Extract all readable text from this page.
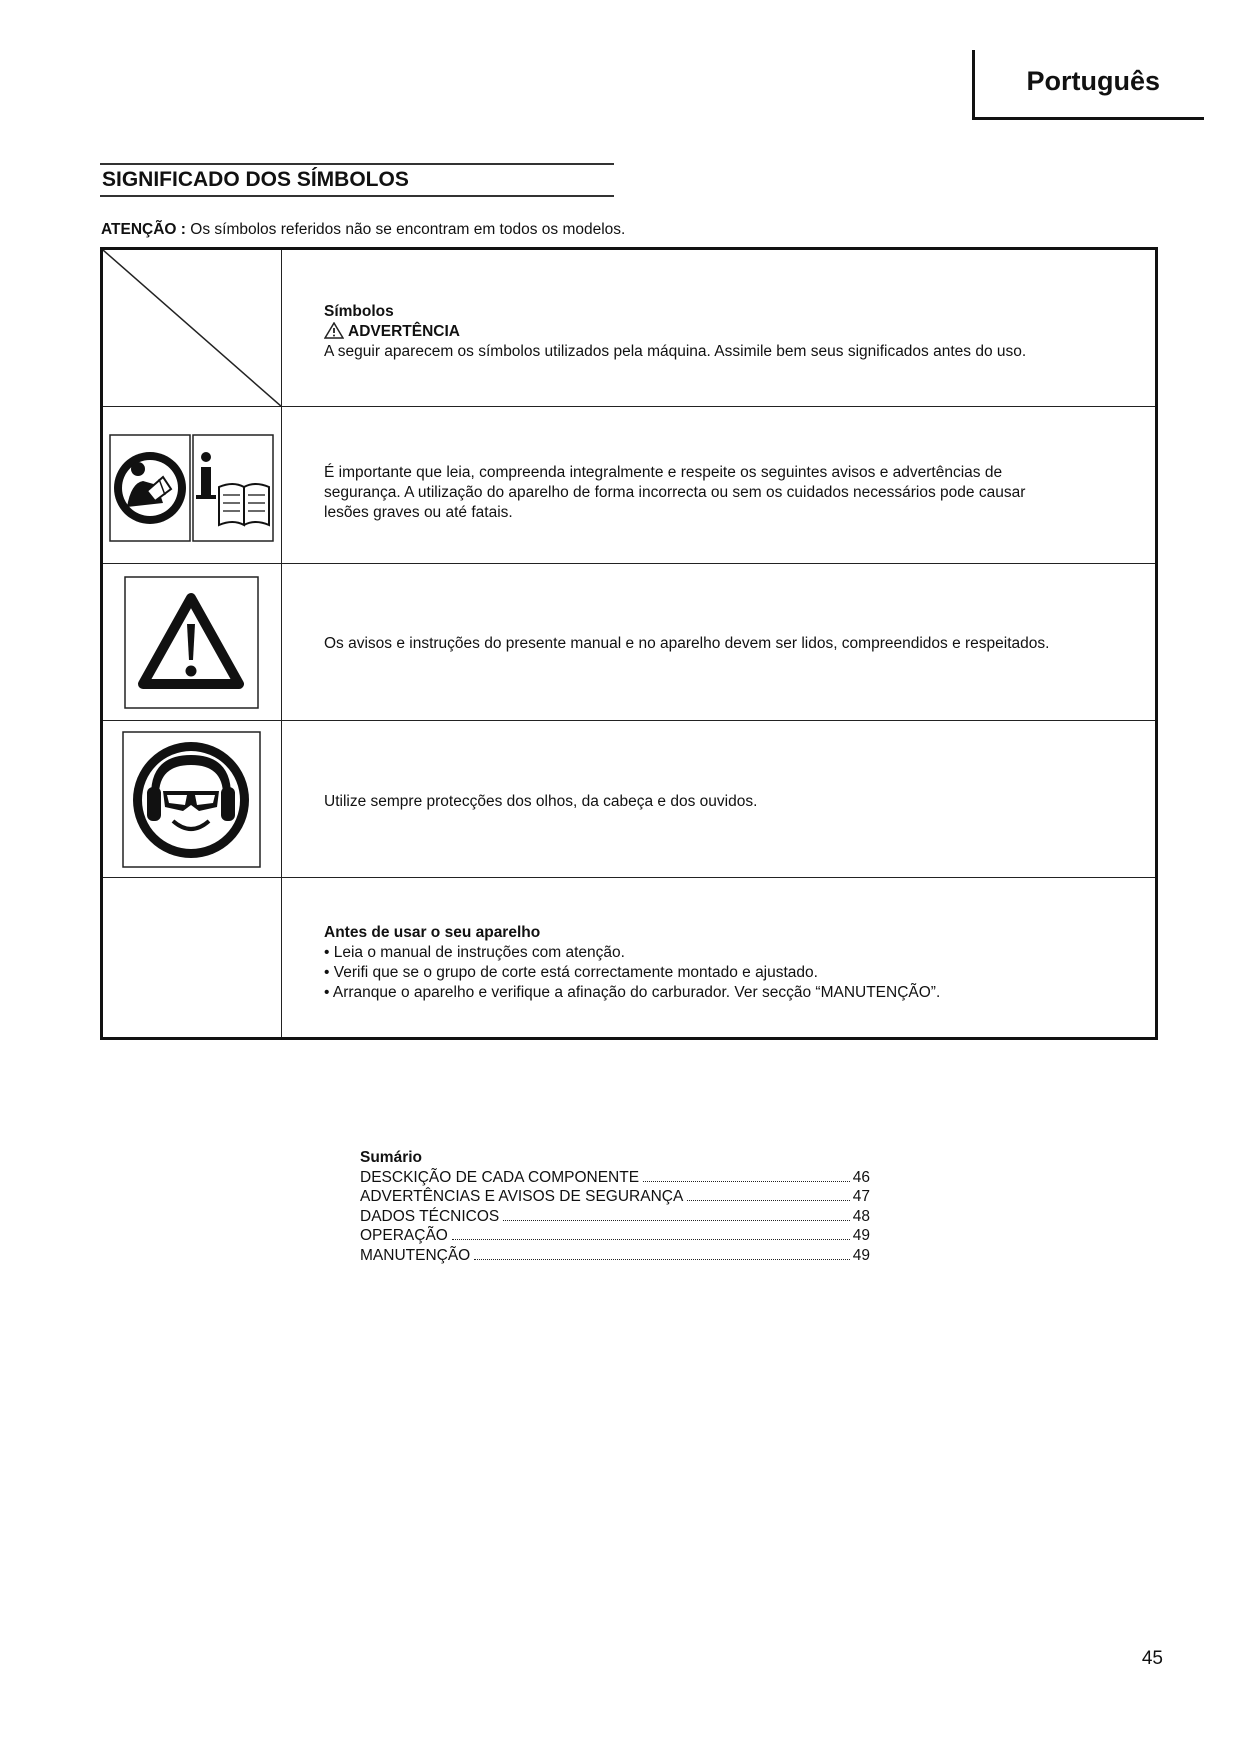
Português
SIGNIFICADO DOS SÍMBOLOS
ATENÇÃO : Os símbolos referidos não se encontram em todos os modelos.
Símbolos
ADVERTÊNCIA
A seguir aparecem os símbolos utilizados pela máquina. Assimile bem seus significados antes do uso.
É importante que leia, compreenda integralmente e respeite os seguintes avisos e advertências de
segurança. A utilização do aparelho de forma incorrecta ou sem os cuidados necessários pode causar
lesões graves ou até fatais.
Os avisos e instruções do presente manual e no aparelho devem ser lidos, compreendidos e respeitados.
Utilize sempre protecções dos olhos, da cabeça e dos ouvidos.
Antes de usar o seu aparelho
• Leia o manual de instruções com atenção.
• Verifi que se o grupo de corte está correctamente montado e ajustado.
• Arranque o aparelho e verifique a afinação do carburador. Ver secção “MANUTENÇÃO”.
Sumário
DESCKIÇÃO DE CADA COMPONENTE	46
ADVERTÊNCIAS E AVISOS DE SEGURANÇA	47
DADOS TÉCNICOS	48
OPERAÇÃO	49
MANUTENÇÃO	49
45
